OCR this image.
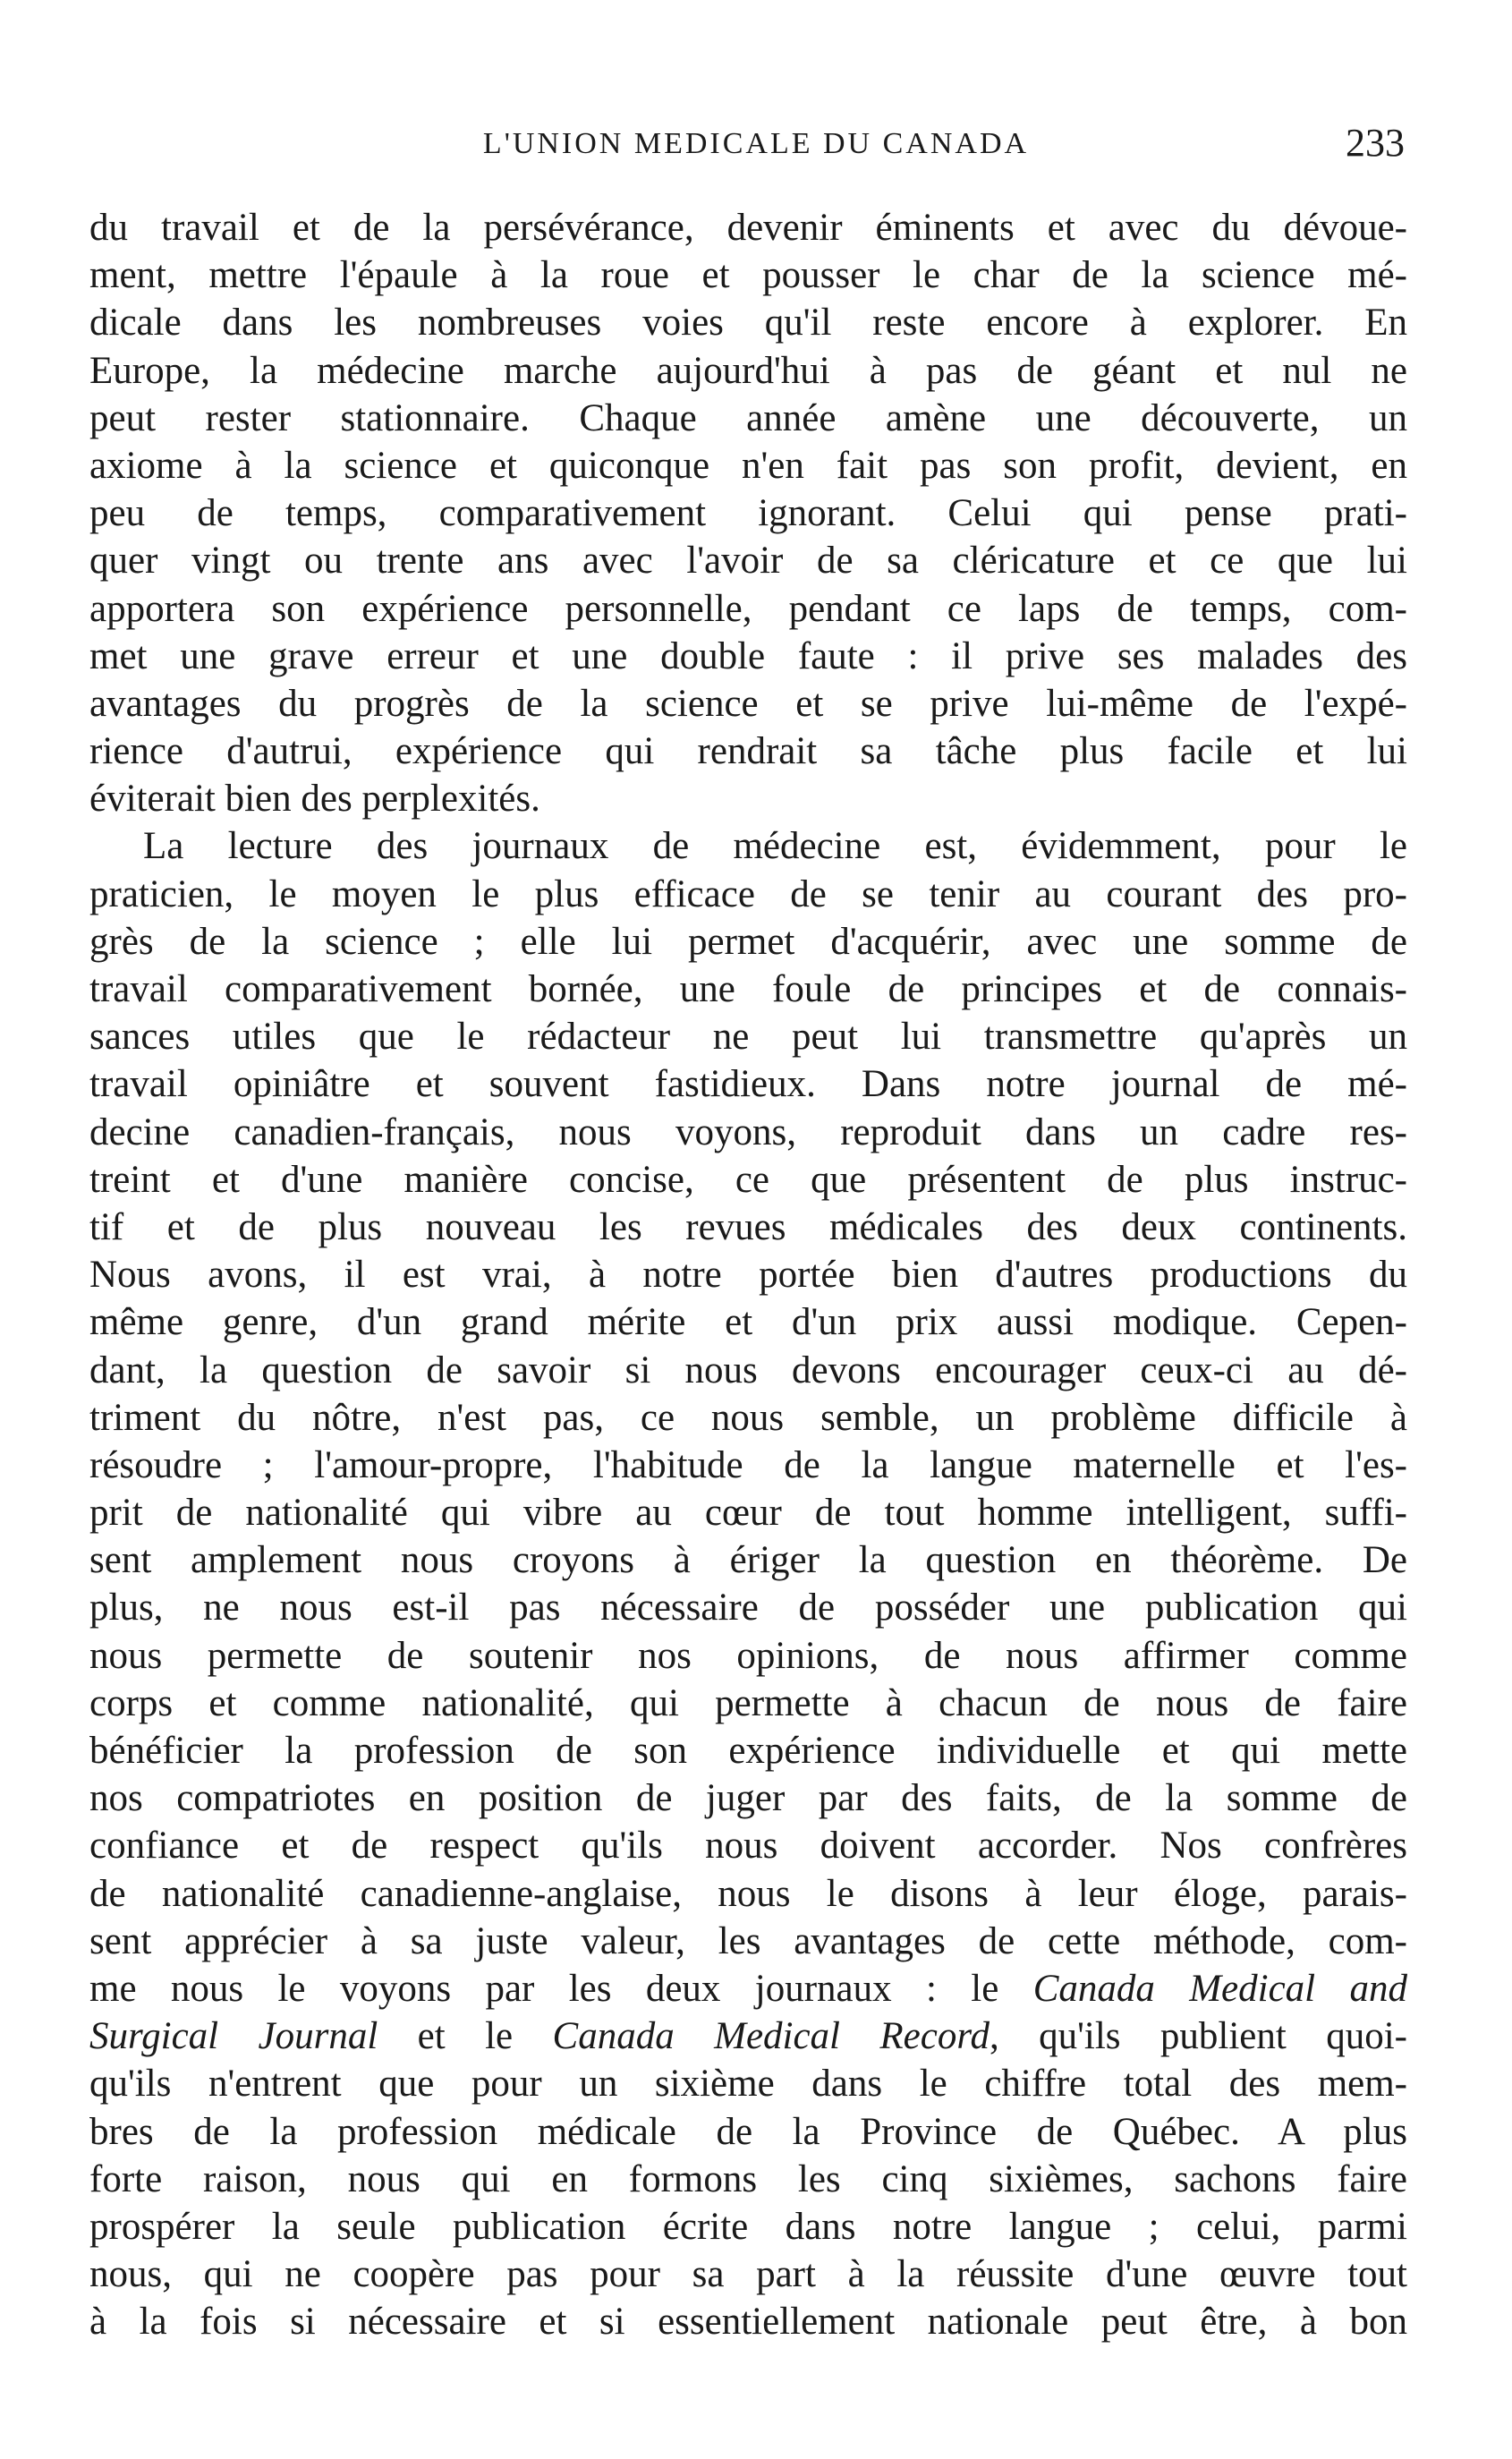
L'UNION MEDICALE DU CANADA	233
du travail et de la persévérance, devenir éminents et avec du dévoue-
ment, mettre l'épaule à la roue et pousser le char de la science mé-
dicale dans les nombreuses voies qu'il reste encore à explorer. En
Europe, la médecine marche aujourd'hui à pas de géant et nul ne
peut rester stationnaire. Chaque année amène une découverte, un
axiome à la science et quiconque n'en fait pas son profit, devient, en
peu de temps, comparativement ignorant. Celui qui pense prati-
quer vingt ou trente ans avec l'avoir de sa cléricature et ce que lui
apportera son expérience personnelle, pendant ce laps de temps, com-
met une grave erreur et une double faute : il prive ses malades des
avantages du progrès de la science et se prive lui-même de l'expé-
rience d'autrui, expérience qui rendrait sa tâche plus facile et lui
éviterait bien des perplexités.
La lecture des journaux de médecine est, évidemment, pour le
praticien, le moyen le plus efficace de se tenir au courant des pro-
grès de la science ; elle lui permet d'acquérir, avec une somme de
travail comparativement bornée, une foule de principes et de connais-
sances utiles que le rédacteur ne peut lui transmettre qu'après un
travail opiniâtre et souvent fastidieux. Dans notre journal de mé-
decine canadien-français, nous voyons, reproduit dans un cadre res-
treint et d'une manière concise, ce que présentent de plus instruc-
tif et de plus nouveau les revues médicales des deux continents.
Nous avons, il est vrai, à notre portée bien d'autres productions du
même genre, d'un grand mérite et d'un prix aussi modique. Cepen-
dant, la question de savoir si nous devons encourager ceux-ci au dé-
triment du nôtre, n'est pas, ce nous semble, un problème difficile à
résoudre ; l'amour-propre, l'habitude de la langue maternelle et l'es-
prit de nationalité qui vibre au cœur de tout homme intelligent, suffi-
sent amplement nous croyons à ériger la question en théorème. De
plus, ne nous est-il pas nécessaire de posséder une publication qui
nous permette de soutenir nos opinions, de nous affirmer comme
corps et comme nationalité, qui permette à chacun de nous de faire
bénéficier la profession de son expérience individuelle et qui mette
nos compatriotes en position de juger par des faits, de la somme de
confiance et de respect qu'ils nous doivent accorder. Nos confrères
de nationalité canadienne-anglaise, nous le disons à leur éloge, parais-
sent apprécier à sa juste valeur, les avantages de cette méthode, com-
me nous le voyons par les deux journaux : le Canada Medical and
Surgical Journal et le Canada Medical Record, qu'ils publient quoi-
qu'ils n'entrent que pour un sixième dans le chiffre total des mem-
bres de la profession médicale de la Province de Québec. A plus
forte raison, nous qui en formons les cinq sixièmes, sachons faire
prospérer la seule publication écrite dans notre langue ; celui, parmi
nous, qui ne coopère pas pour sa part à la réussite d'une œuvre tout
à la fois si nécessaire et si essentiellement nationale peut être, à bon
